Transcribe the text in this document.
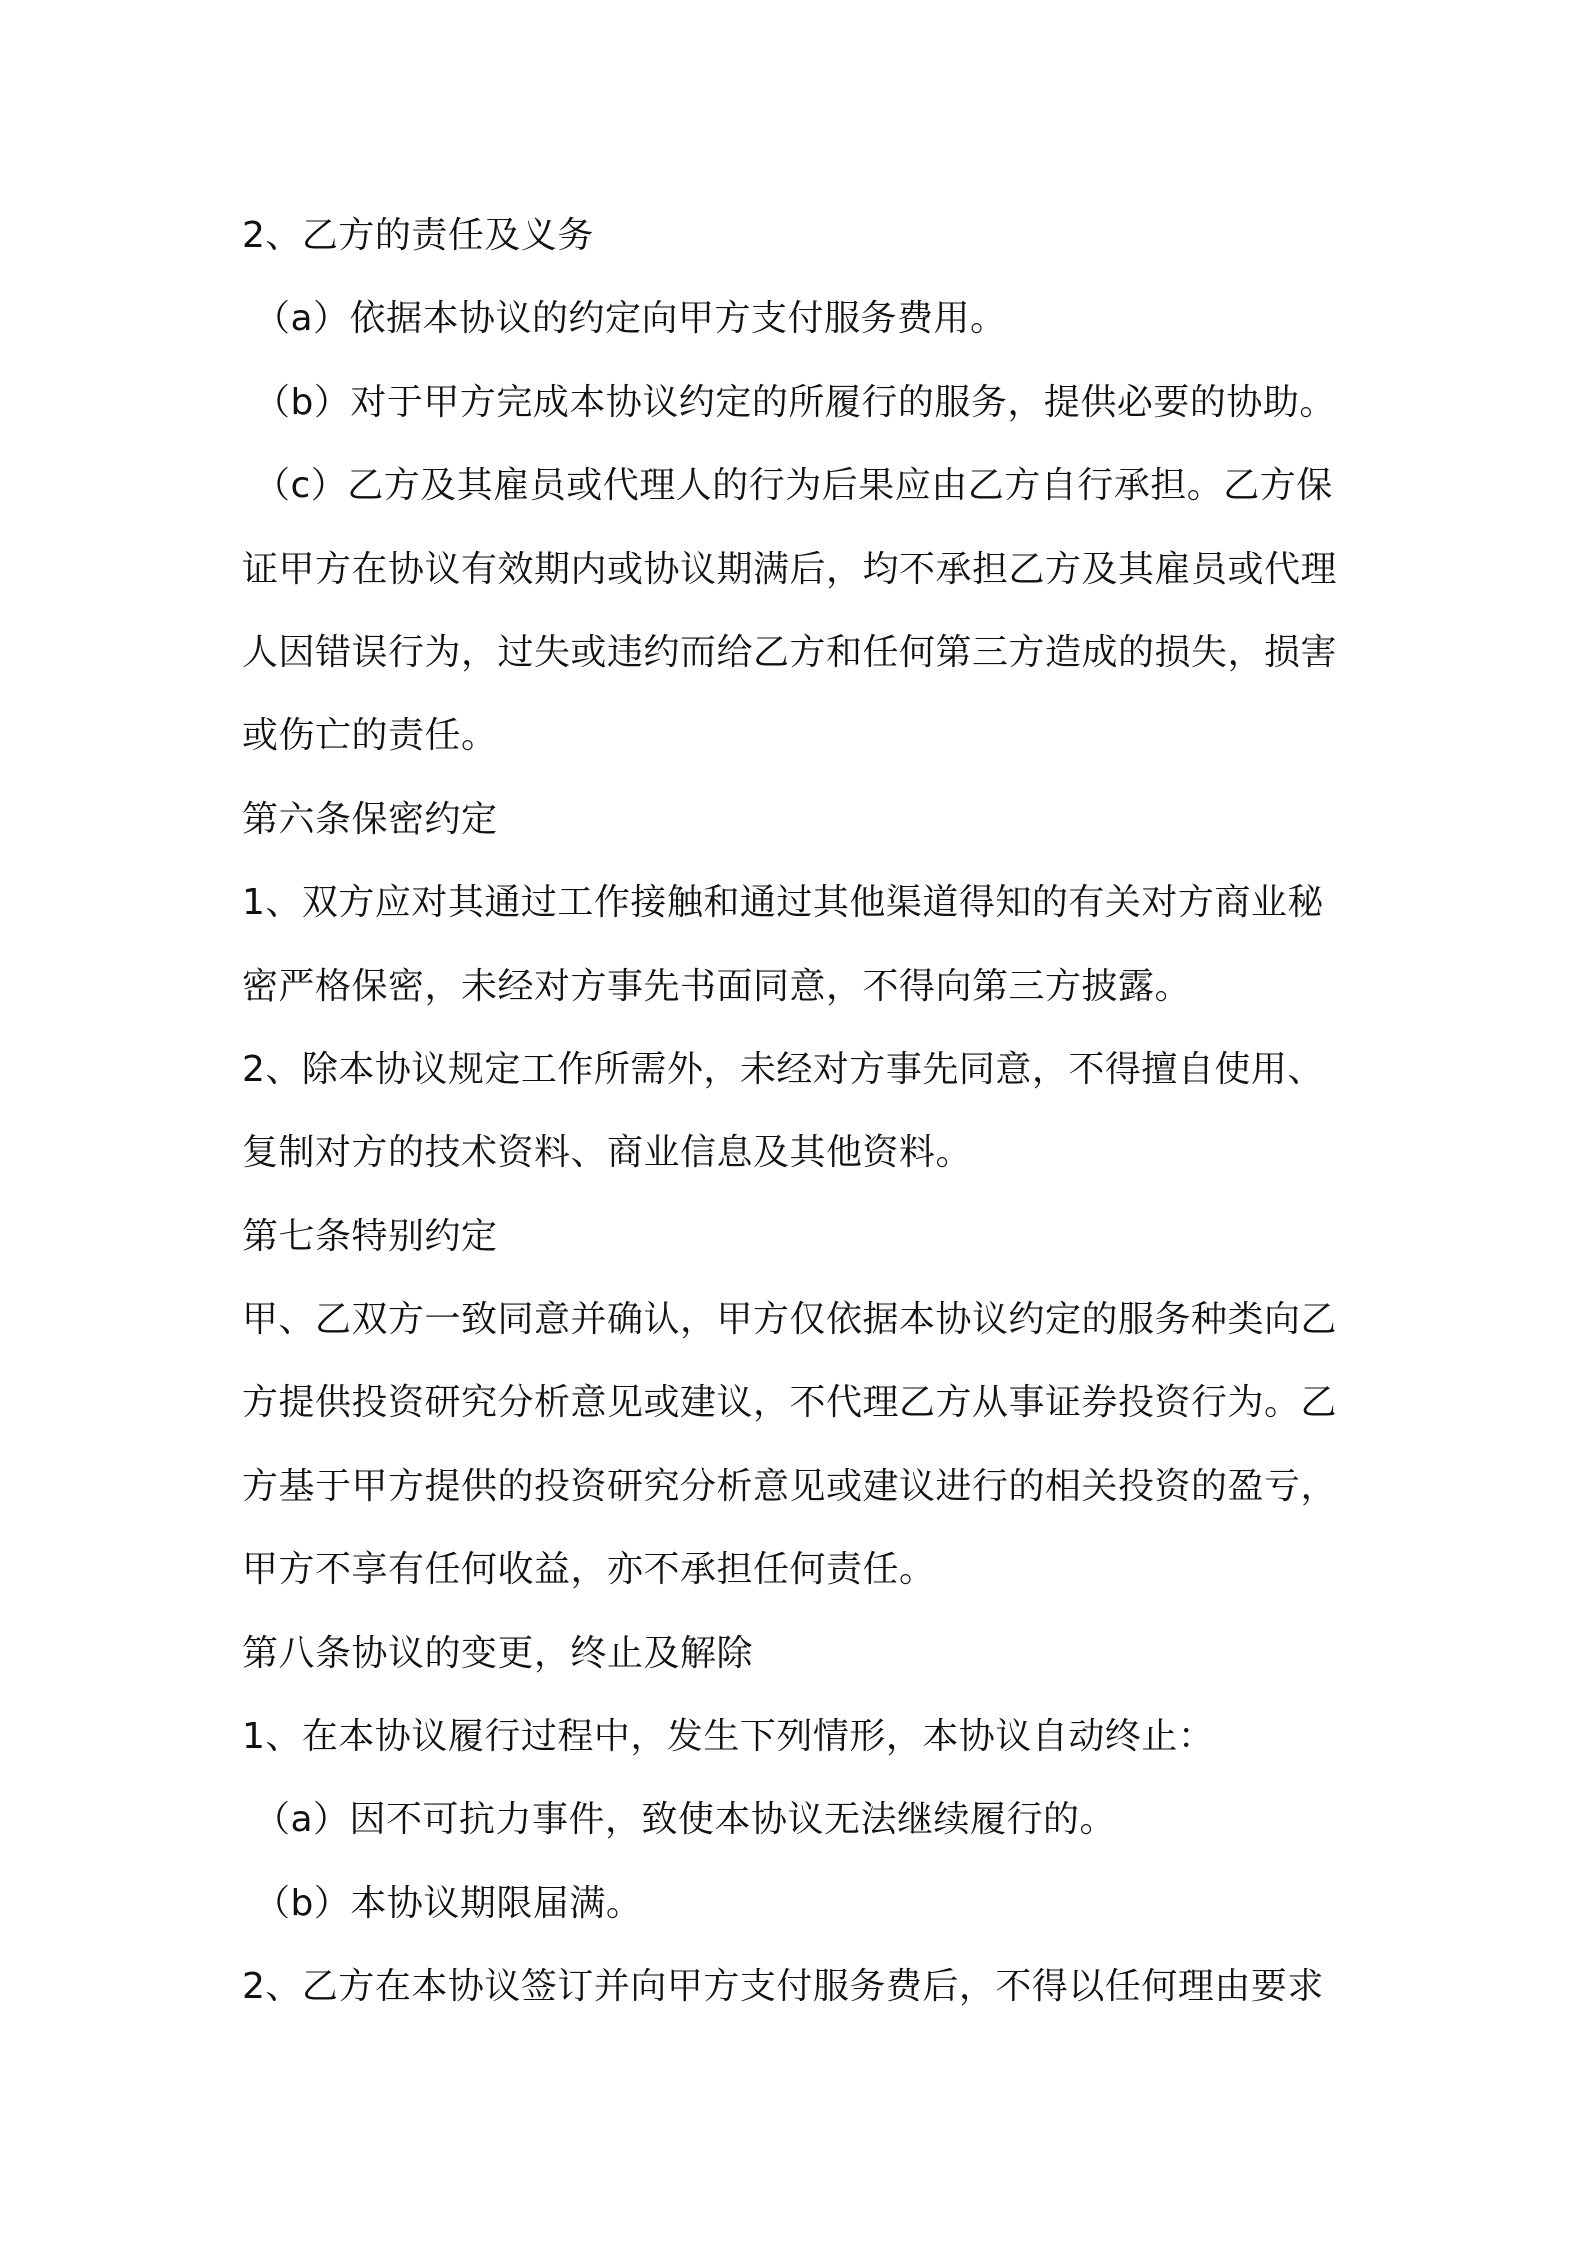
2、乙方的责任及义务
（a）依据本协议的约定向甲方支付服务费用。
（b）对于甲方完成本协议约定的所履行的服务，提供必要的协助。
（c）乙方及其雇员或代理人的行为后果应由乙方自行承担。乙方保
证甲方在协议有效期内或协议期满后，均不承担乙方及其雇员或代理
人因错误行为，过失或违约而给乙方和任何第三方造成的损失，损害
或伤亡的责任。
第六条保密约定
1、双方应对其通过工作接触和通过其他渠道得知的有关对方商业秘
密严格保密，未经对方事先书面同意，不得向第三方披露。
2、除本协议规定工作所需外，未经对方事先同意，不得擅自使用、
复制对方的技术资料、商业信息及其他资料。
第七条特别约定
甲、乙双方一致同意并确认，甲方仅依据本协议约定的服务种类向乙
方提供投资研究分析意见或建议，不代理乙方从事证券投资行为。乙
方基于甲方提供的投资研究分析意见或建议进行的相关投资的盈亏，
甲方不享有任何收益，亦不承担任何责任。
第八条协议的变更，终止及解除
1、在本协议履行过程中，发生下列情形，本协议自动终止：
（a）因不可抗力事件，致使本协议无法继续履行的。
（b）本协议期限届满。
2、乙方在本协议签订并向甲方支付服务费后，不得以任何理由要求
